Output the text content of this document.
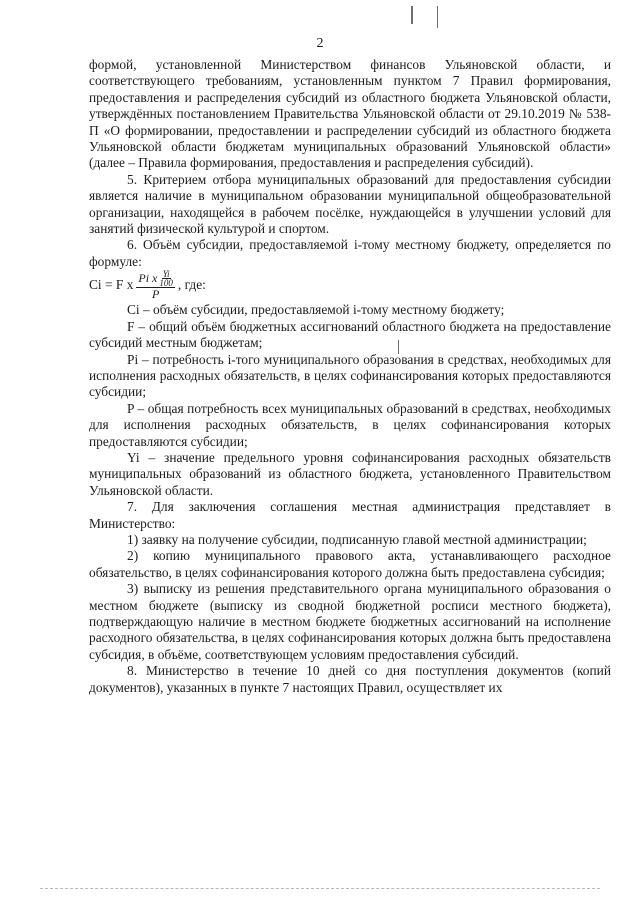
2

формой, установленной Министерством финансов Ульяновской области, и соответствующего требованиям, установленным пунктом 7 Правил формирования, предоставления и распределения субсидий из областного бюджета Ульяновской области, утверждённых постановлением Правительства Ульяновской области от 29.10.2019 № 538-П «О формировании, предоставлении и распределении субсидий из областного бюджета Ульяновской области бюджетам муниципальных образований Ульяновской области» (далее – Правила формирования, предоставления и распределения субсидий).

5. Критерием отбора муниципальных образований для предоставления субсидии является наличие в муниципальном образовании муниципальной общеобразовательной организации, находящейся в рабочем посёлке, нуждающейся в улучшении условий для занятий физической культурой и спортом.

6. Объём субсидии, предоставляемой i-тому местному бюджету, определяется по формуле:

Сi = F x Pi x Yi
100
P , где:

Ci – объём субсидии, предоставляемой i-тому местному бюджету;

F – общий объём бюджетных ассигнований областного бюджета на предоставление субсидий местным бюджетам;

Pi – потребность i-того муниципального образования в средствах, необходимых для исполнения расходных обязательств, в целях софинансирования которых предоставляются субсидии;

P – общая потребность всех муниципальных образований в средствах, необходимых для исполнения расходных обязательств, в целях софинансирования которых предоставляются субсидии;

Yi – значение предельного уровня софинансирования расходных обязательств муниципальных образований из областного бюджета, установленного Правительством Ульяновской области.

7. Для заключения соглашения местная администрация представляет в Министерство:

1) заявку на получение субсидии, подписанную главой местной администрации;

2) копию муниципального правового акта, устанавливающего расходное обязательство, в целях софинансирования которого должна быть предоставлена субсидия;

3) выписку из решения представительного органа муниципального образования о местном бюджете (выписку из сводной бюджетной росписи местного бюджета), подтверждающую наличие в местном бюджете бюджетных ассигнований на исполнение расходного обязательства, в целях софинансирования которых должна быть предоставлена субсидия, в объёме, соответствующем условиям предоставления субсидий.

8. Министерство в течение 10 дней со дня поступления документов (копий документов), указанных в пункте 7 настоящих Правил, осуществляет их
